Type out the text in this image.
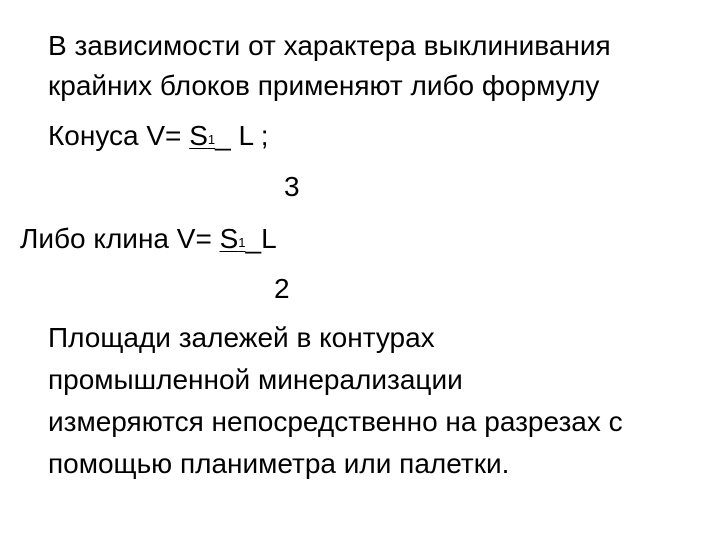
В зависимости от характера выклинивания
крайних блоков применяют либо формулу
Конуса V= S1_ L ;
3
Либо клина V= S1_L
2
Площади залежей в контурах
промышленной минерализации
измеряются непосредственно на разрезах с
помощью планиметра или палетки.
